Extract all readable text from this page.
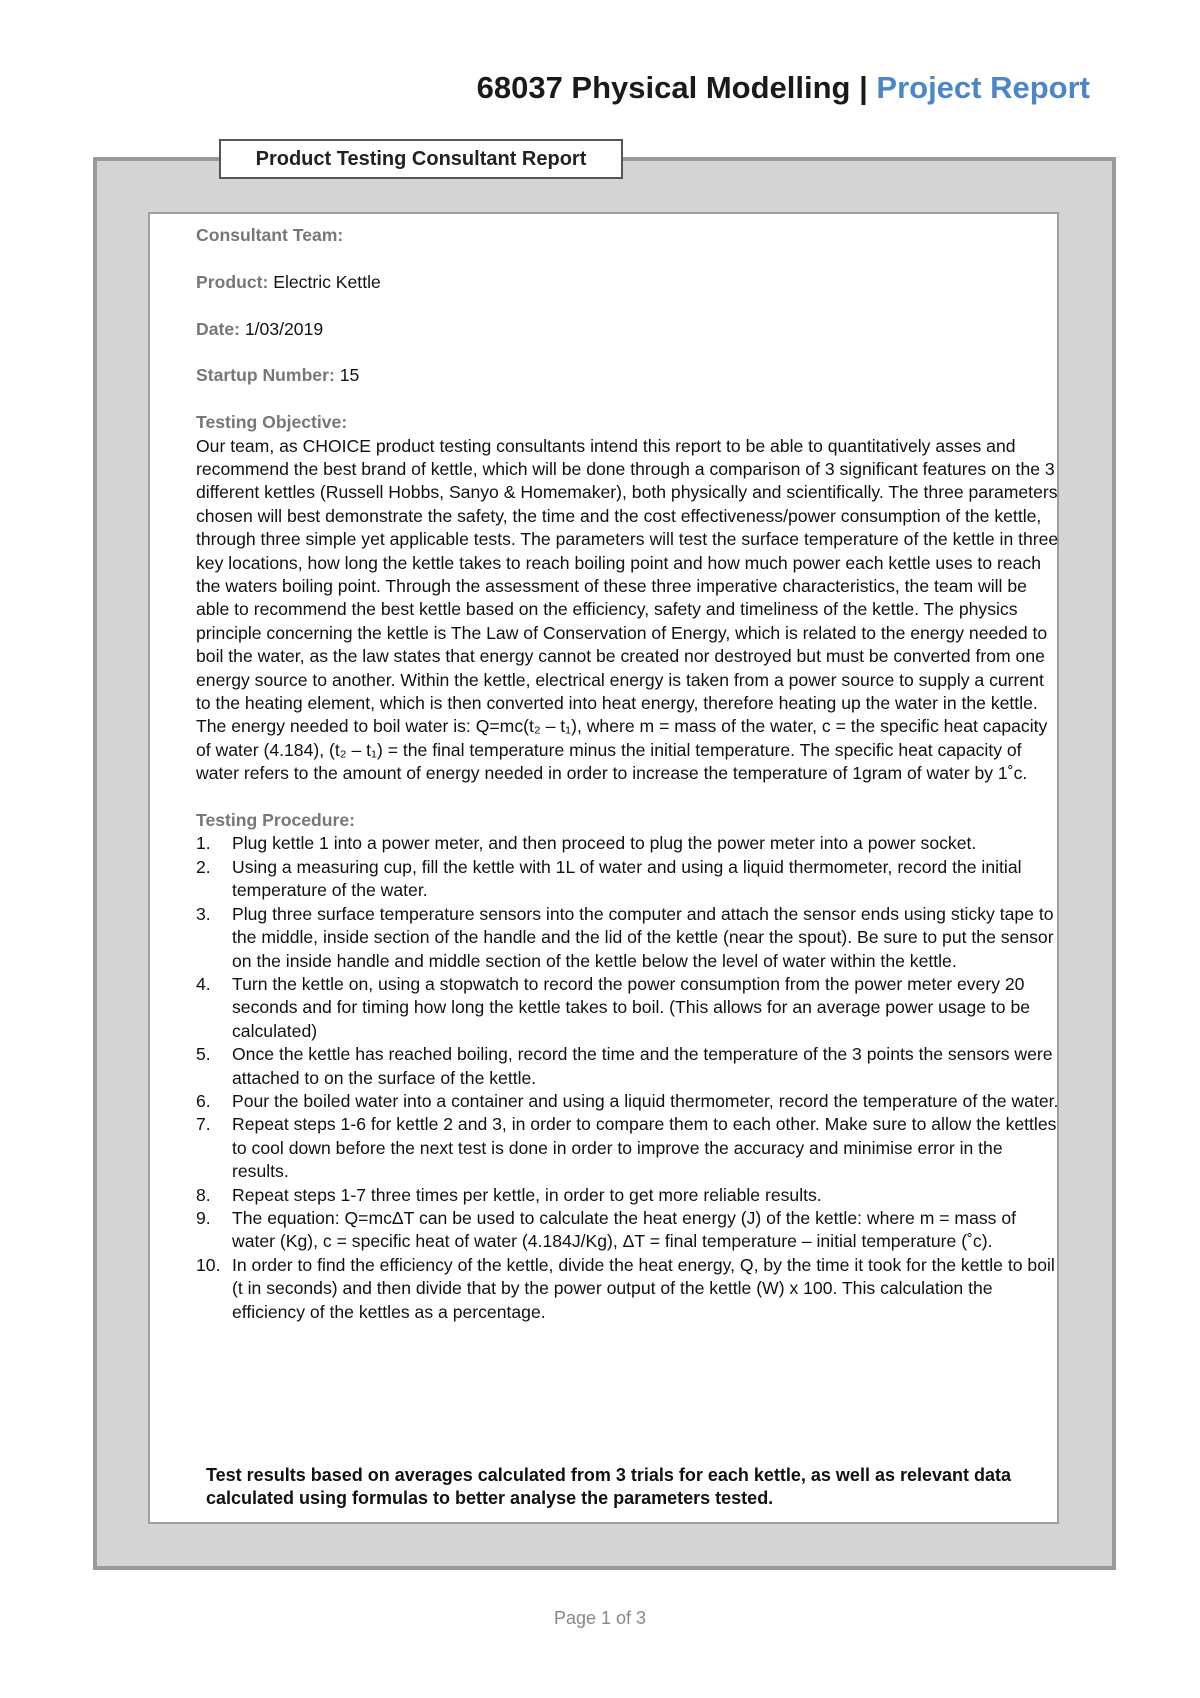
68037 Physical Modelling | Project Report
Product Testing Consultant Report
Consultant Team:
Product: Electric Kettle
Date: 1/03/2019
Startup Number: 15
Testing Objective:

Our team, as CHOICE product testing consultants intend this report to be able to quantitatively asses and recommend the best brand of kettle, which will be done through a comparison of 3 significant features on the 3 different kettles (Russell Hobbs, Sanyo & Homemaker), both physically and scientifically. The three parameters chosen will best demonstrate the safety, the time and the cost effectiveness/power consumption of the kettle, through three simple yet applicable tests. The parameters will test the surface temperature of the kettle in three key locations, how long the kettle takes to reach boiling point and how much power each kettle uses to reach the waters boiling point. Through the assessment of these three imperative characteristics, the team will be able to recommend the best kettle based on the efficiency, safety and timeliness of the kettle. The physics principle concerning the kettle is The Law of Conservation of Energy, which is related to the energy needed to boil the water, as the law states that energy cannot be created nor destroyed but must be converted from one energy source to another. Within the kettle, electrical energy is taken from a power source to supply a current to the heating element, which is then converted into heat energy, therefore heating up the water in the kettle. The energy needed to boil water is: Q=mc(t₂ – t₁), where m = mass of the water, c = the specific heat capacity of water (4.184), (t₂ – t₁) = the final temperature minus the initial temperature. The specific heat capacity of water refers to the amount of energy needed in order to increase the temperature of 1gram of water by 1˚c.

Testing Procedure:
1. Plug kettle 1 into a power meter, and then proceed to plug the power meter into a power socket.
2. Using a measuring cup, fill the kettle with 1L of water and using a liquid thermometer, record the initial temperature of the water.
3. Plug three surface temperature sensors into the computer and attach the sensor ends using sticky tape to the middle, inside section of the handle and the lid of the kettle (near the spout). Be sure to put the sensor on the inside handle and middle section of the kettle below the level of water within the kettle.
4. Turn the kettle on, using a stopwatch to record the power consumption from the power meter every 20 seconds and for timing how long the kettle takes to boil. (This allows for an average power usage to be calculated)
5. Once the kettle has reached boiling, record the time and the temperature of the 3 points the sensors were attached to on the surface of the kettle.
6. Pour the boiled water into a container and using a liquid thermometer, record the temperature of the water.
7. Repeat steps 1-6 for kettle 2 and 3, in order to compare them to each other. Make sure to allow the kettles to cool down before the next test is done in order to improve the accuracy and minimise error in the results.
8. Repeat steps 1-7 three times per kettle, in order to get more reliable results.
9. The equation: Q=mcΔT can be used to calculate the heat energy (J) of the kettle: where m = mass of water (Kg), c = specific heat of water (4.184J/Kg), ΔT = final temperature – initial temperature (˚c).
10. In order to find the efficiency of the kettle, divide the heat energy, Q, by the time it took for the kettle to boil (t in seconds) and then divide that by the power output of the kettle (W) x 100. This calculation the efficiency of the kettles as a percentage.
Test results based on averages calculated from 3 trials for each kettle, as well as relevant data calculated using formulas to better analyse the parameters tested.
Page 1 of 3
